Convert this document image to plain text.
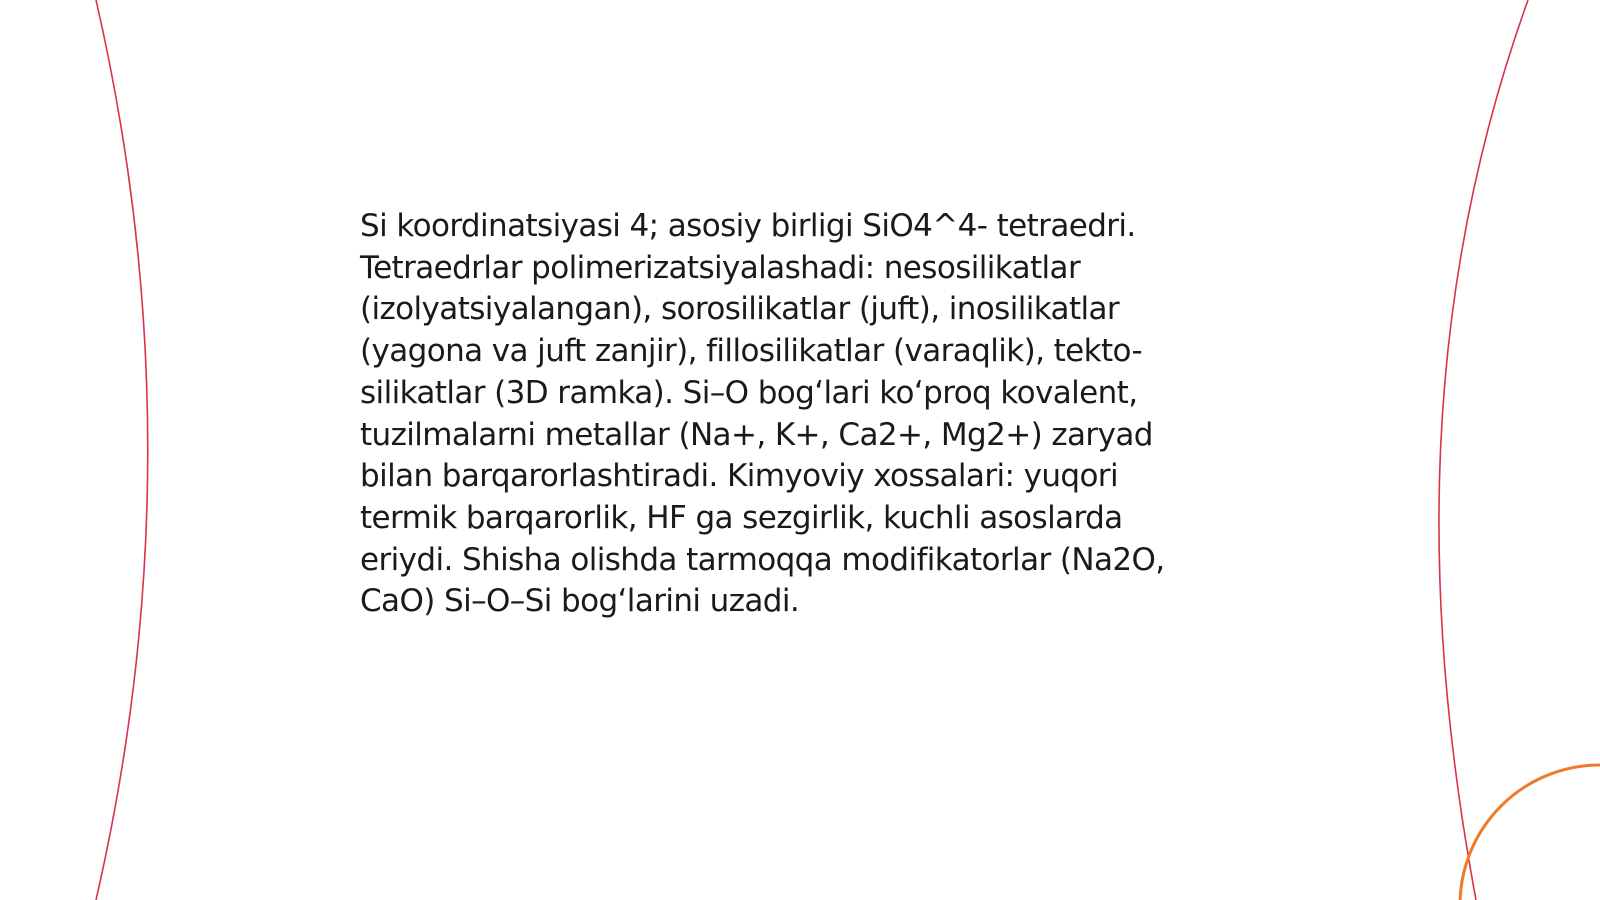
Si koordinatsiyasi 4; asosiy birligi SiO4^4- tetraedri.
Tetraedrlar polimerizatsiyalashadi: nesosilikatlar
(izolyatsiyalangan), sorosilikatlar (juft), inosilikatlar
(yagona va juft zanjir), fillosilikatlar (varaqlik), tekto-
silikatlar (3D ramka). Si–O bogʻlari koʻproq kovalent,
tuzilmalarni metallar (Na+, K+, Ca2+, Mg2+) zaryad
bilan barqarorlashtiradi. Kimyoviy xossalari: yuqori
termik barqarorlik, HF ga sezgirlik, kuchli asoslarda
eriydi. Shisha olishda tarmoqqa modifikatorlar (Na2O,
CaO) Si–O–Si bogʻlarini uzadi.
